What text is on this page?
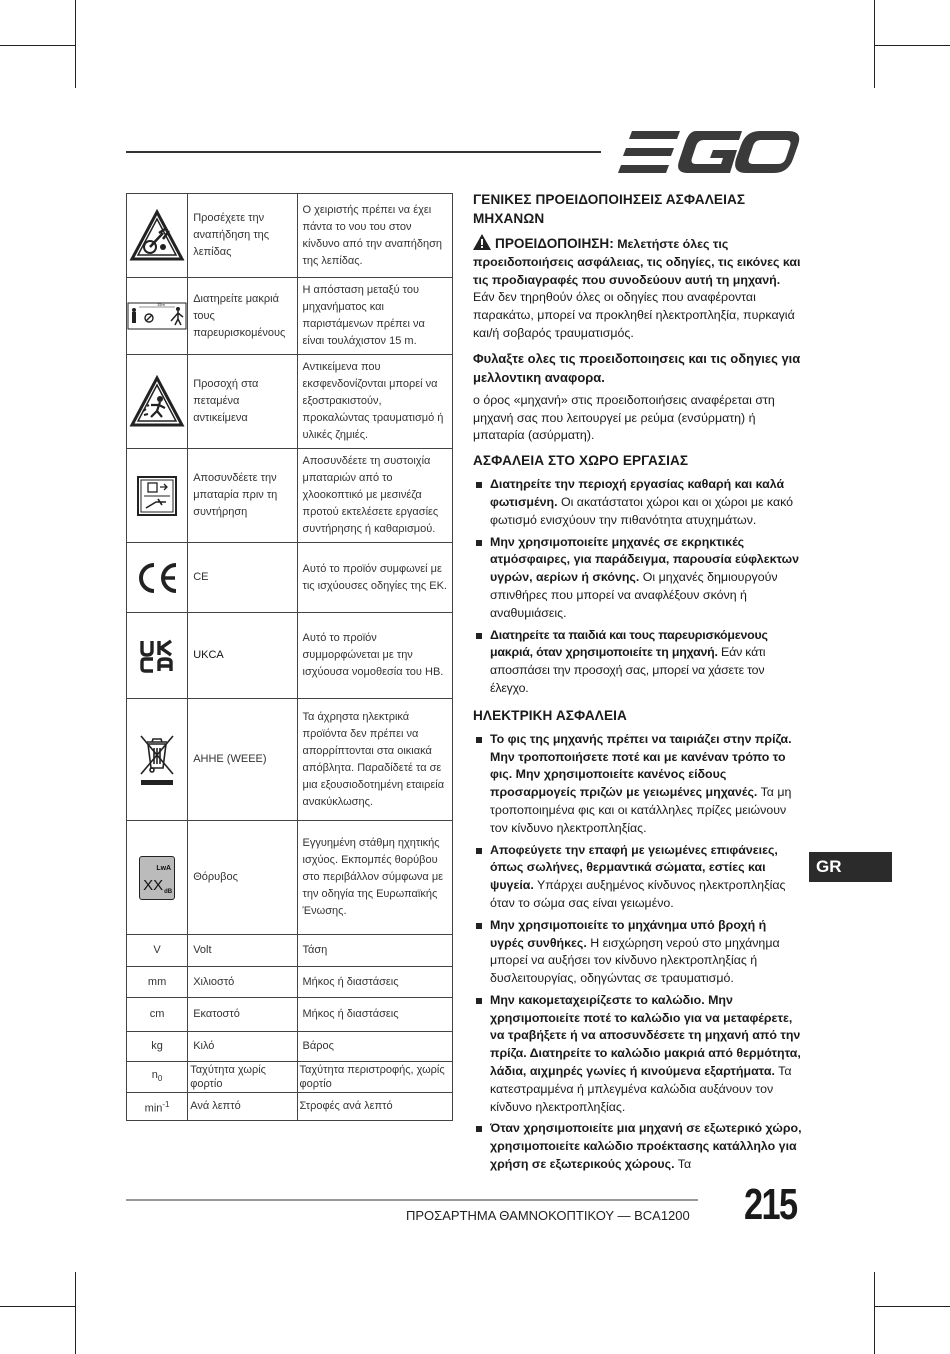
	Προσέχετε την αναπήδηση της λεπίδας	Ο χειριστής πρέπει να έχει πάντα το νου του στον κίνδυνο από την αναπήδηση της λεπίδας.

15m	Διατηρείτε μακριά τους παρευρισκομένους	Η απόσταση μεταξύ του μηχανήματος και παριστάμενων πρέπει να είναι τουλάχιστον 15 m.

	Προσοχή στα πεταμένα αντικείμενα	Αντικείμενα που εκσφενδονίζονται μπορεί να εξοστρακιστούν, προκαλώντας τραυματισμό ή υλικές ζημιές.

	Αποσυνδέετε την μπαταρία πριν τη συντήρηση	Αποσυνδέετε τη συστοιχία μπαταριών από το χλοοκοπτικό με μεσινέζα προτού εκτελέσετε εργασίες συντήρησης ή καθαρισμού.

	CE	Αυτό το προϊόν συμφωνεί με τις ισχύουσες οδηγίες της ΕΚ.

	UKCA	Αυτό το προϊόν συμμορφώνεται με την ισχύουσα νομοθεσία του ΗΒ.

	ΑΗΗΕ (WEEE)	Τα άχρηστα ηλεκτρικά προϊόντα δεν πρέπει να απορρίπτονται στα οικιακά απόβλητα. Παραδίδετέ τα σε μια εξουσιοδοτημένη εταιρεία ανακύκλωσης.

LwA
XX dB	Θόρυβος	Εγγυημένη στάθμη ηχητικής ισχύος. Εκπομπές θορύβου στο περιβάλλον σύμφωνα με την οδηγία της Ευρωπαϊκής Ένωσης.
V	Volt	Τάση
mm	Χιλιοστό	Μήκος ή διαστάσεις
cm	Εκατοστό	Μήκος ή διαστάσεις
kg	Κιλό	Βάρος
$n_0$	Ταχύτητα χωρίς φορτίο	Ταχύτητα περιστροφής, χωρίς φορτίο
$\min^{-1}$	Ανά λεπτό	Στροφές ανά λεπτό
ΓΕΝΙΚΕΣ ΠΡΟΕΙΔΟΠΟΙΗΣΕΙΣ ΑΣΦΑΛΕΙΑΣ ΜΗΧΑΝΩΝ

ΠΡΟΕΙΔΟΠΟΙΗΣΗ: Μελετήστε όλες τις προειδοποιήσεις ασφάλειας, τις οδηγίες, τις εικόνες και τις προδιαγραφές που συνοδεύουν αυτή τη μηχανή. Εάν δεν τηρηθούν όλες οι οδηγίες που αναφέρονται παρακάτω, μπορεί να προκληθεί ηλεκτροπληξία, πυρκαγιά και/ή σοβαρός τραυματισμός.

Φυλαξτε ολες τις προειδοποιησεις και τις οδηγιες για μελλοντικη αναφορα.

ο όρος «μηχανή» στις προειδοποιήσεις αναφέρεται στη μηχανή σας που λειτουργεί με ρεύμα (ενσύρματη) ή μπαταρία (ασύρματη).

ΑΣΦΑΛΕΙΑ ΣΤΟ ΧΩΡΟ ΕΡΓΑΣΙΑΣ
Διατηρείτε την περιοχή εργασίας καθαρή και καλά φωτισμένη. Οι ακατάστατοι χώροι και οι χώροι με κακό φωτισμό ενισχύουν την πιθανότητα ατυχημάτων.
Μην χρησιμοποιείτε μηχανές σε εκρηκτικές ατμόσφαιρες, για παράδειγμα, παρουσία εύφλεκτων υγρών, αερίων ή σκόνης. Οι μηχανές δημιουργούν σπινθήρες που μπορεί να αναφλέξουν σκόνη ή αναθυμιάσεις.
Διατηρείτε τα παιδιά και τους παρευρισκόμενους μακριά, όταν χρησιμοποιείτε τη μηχανή. Εάν κάτι αποσπάσει την προσοχή σας, μπορεί να χάσετε τον έλεγχο.
ΗΛΕΚΤΡΙΚΗ ΑΣΦΑΛΕΙΑ
Το φις της μηχανής πρέπει να ταιριάζει στην πρίζα. Μην τροποποιήσετε ποτέ και με κανέναν τρόπο το φις. Μην χρησιμοποιείτε κανένος είδους προσαρμογείς πριζών με γειωμένες μηχανές. Τα μη τροποποιημένα φις και οι κατάλληλες πρίζες μειώνουν τον κίνδυνο ηλεκτροπληξίας.
Αποφεύγετε την επαφή με γειωμένες επιφάνειες, όπως σωλήνες, θερμαντικά σώματα, εστίες και ψυγεία. Υπάρχει αυξημένος κίνδυνος ηλεκτροπληξίας όταν το σώμα σας είναι γειωμένο.
Μην χρησιμοποιείτε το μηχάνημα υπό βροχή ή υγρές συνθήκες. Η εισχώρηση νερού στο μηχάνημα μπορεί να αυξήσει τον κίνδυνο ηλεκτροπληξίας ή δυσλειτουργίας, οδηγώντας σε τραυματισμό.
Μην κακομεταχειρίζεστε το καλώδιο. Μην χρησιμοποιείτε ποτέ το καλώδιο για να μεταφέρετε, να τραβήξετε ή να αποσυνδέσετε τη μηχανή από την πρίζα. Διατηρείτε το καλώδιο μακριά από θερμότητα, λάδια, αιχμηρές γωνίες ή κινούμενα εξαρτήματα. Τα κατεστραμμένα ή μπλεγμένα καλώδια αυξάνουν τον κίνδυνο ηλεκτροπληξίας.
Όταν χρησιμοποιείτε μια μηχανή σε εξωτερικό χώρο, χρησιμοποιείτε καλώδιο προέκτασης κατάλληλο για χρήση σε εξωτερικούς χώρους. Τα
GR
ΠΡΟΣΑΡΤΗΜΑ ΘΑΜΝΟΚΟΠΤΙΚΟΥ — BCA1200 215
